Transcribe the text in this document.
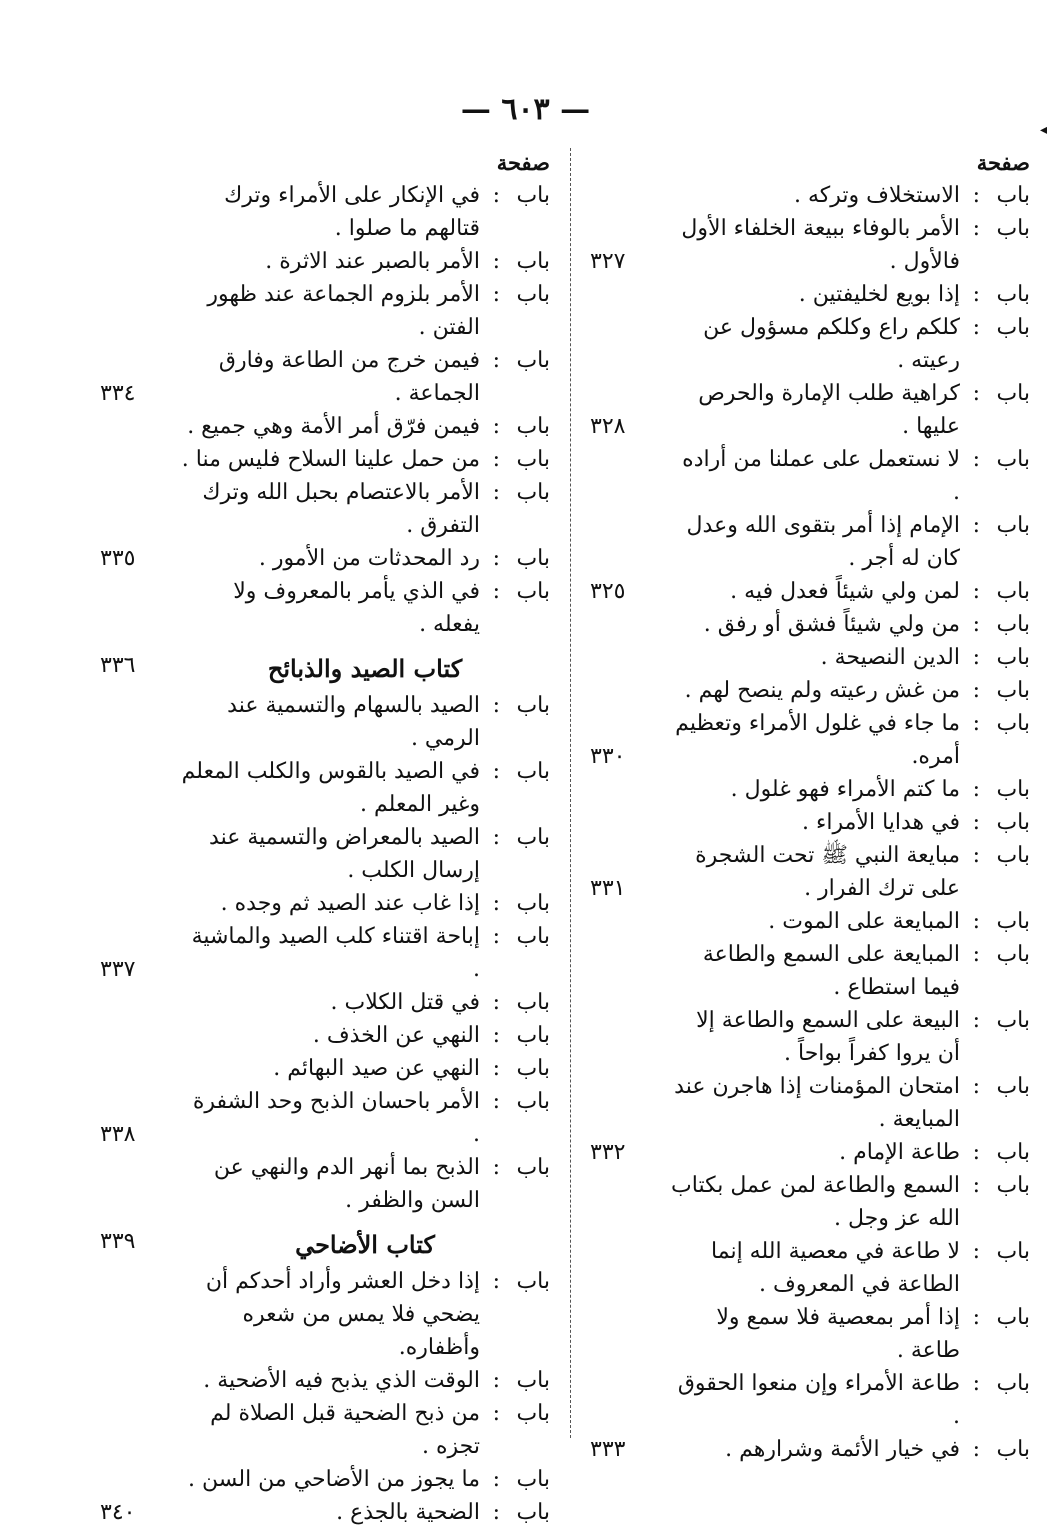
— ٦٠٣ —
◂
صفحة
باب
:
الاستخلاف وتركه .
باب
:
الأمر بالوفاء ببيعة الخلفاء الأول فالأول .
٣٢٧
باب
:
إذا بويع لخليفتين .
باب
:
كلكم راع وكلكم مسؤول عن رعيته .
باب
:
كراهية طلب الإمارة والحرص عليها .
٣٢٨
باب
:
لا نستعمل على عملنا من أراده .
باب
:
الإمام إذا أمر بتقوى الله وعدل كان له أجر .
باب
:
لمن ولي شيئاً فعدل فيه .
٣٢٥
باب
:
من ولي شيئاً فشق أو رفق .
باب
:
الدين النصيحة .
باب
:
من غش رعيته ولم ينصح لهم .
باب
:
ما جاء في غلول الأمراء وتعظيم أمره.
٣٣٠
باب
:
ما كتم الأمراء فهو غلول .
باب
:
في هدايا الأمراء .
باب
:
مبايعة النبي ﷺ تحت الشجرة على ترك الفرار .
٣٣١
باب
:
المبايعة على الموت .
باب
:
المبايعة على السمع والطاعة فيما استطاع .
باب
:
البيعة على السمع والطاعة إلا أن يروا كفراً بواحاً .
باب
:
امتحان المؤمنات إذا هاجرن عند المبايعة .
باب
:
طاعة الإمام .
٣٣٢
باب
:
السمع والطاعة لمن عمل بكتاب الله عز وجل .
باب
:
لا طاعة في معصية الله إنما الطاعة في المعروف .
باب
:
إذا أمر بمعصية فلا سمع ولا طاعة .
باب
:
طاعة الأمراء وإن منعوا الحقوق .
باب
:
في خيار الأئمة وشرارهم .
٣٣٣
صفحة
باب
:
في الإنكار على الأمراء وترك قتالهم ما صلوا .
باب
:
الأمر بالصبر عند الاثرة .
باب
:
الأمر بلزوم الجماعة عند ظهور الفتن .
باب
:
فيمن خرج من الطاعة وفارق الجماعة .
٣٣٤
باب
:
فيمن فرّق أمر الأمة وهي جميع .
باب
:
من حمل علينا السلاح فليس منا .
باب
:
الأمر بالاعتصام بحبل الله وترك التفرق .
باب
:
رد المحدثات من الأمور .
٣٣٥
باب
:
في الذي يأمر بالمعروف ولا يفعله .
كتاب الصيد والذبائح
٣٣٦
باب
:
الصيد بالسهام والتسمية عند الرمي .
باب
:
في الصيد بالقوس والكلب المعلم وغير المعلم .
باب
:
الصيد بالمعراض والتسمية عند إرسال الكلب .
باب
:
إذا غاب عند الصيد ثم وجده .
باب
:
إباحة اقتناء كلب الصيد والماشية .
٣٣٧
باب
:
في قتل الكلاب .
باب
:
النهي عن الخذف .
باب
:
النهي عن صيد البهائم .
باب
:
الأمر باحسان الذبح وحد الشفرة .
٣٣٨
باب
:
الذبح بما أنهر الدم والنهي عن السن والظفر .
كتاب الأضاحي
٣٣٩
باب
:
إذا دخل العشر وأراد أحدكم أن يضحي فلا يمس من شعره وأظفاره.
باب
:
الوقت الذي يذبح فيه الأضحية .
باب
:
من ذبح الضحية قبل الصلاة لم تجزه .
باب
:
ما يجوز من الأضاحي من السن .
باب
:
الضحية بالجذع .
٣٤٠
